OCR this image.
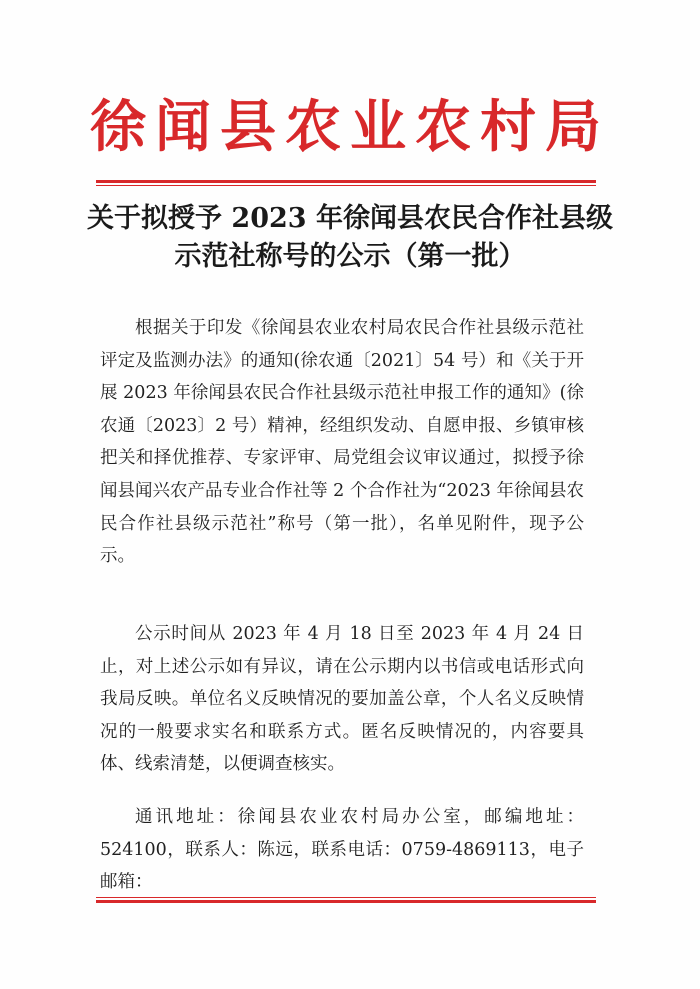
徐闻县农业农村局
关于拟授予 2023 年徐闻县农民合作社县级
示范社称号的公示（第一批）

根据关于印发《徐闻县农业农村局农民合作社县级示范社评定及监测办法》的通知(徐农通〔2021〕54 号）和《关于开展 2023 年徐闻县农民合作社县级示范社申报工作的通知》(徐农通〔2023〕2 号）精神，经组织发动、自愿申报、乡镇审核把关和择优推荐、专家评审、局党组会议审议通过，拟授予徐闻县闻兴农产品专业合作社等 2 个合作社为“2023 年徐闻县农民合作社县级示范社”称号（第一批），名单见附件，现予公示。

公示时间从 2023 年 4 月 18 日至 2023 年 4 月 24 日止，对上述公示如有异议，请在公示期内以书信或电话形式向我局反映。单位名义反映情况的要加盖公章，个人名义反映情况的一般要求实名和联系方式。匿名反映情况的，内容要具体、线索清楚，以便调查核实。

通讯地址：徐闻县农业农村局办公室，邮编地址：524100，联系人：陈远，联系电话：0759-4869113，电子邮箱：
